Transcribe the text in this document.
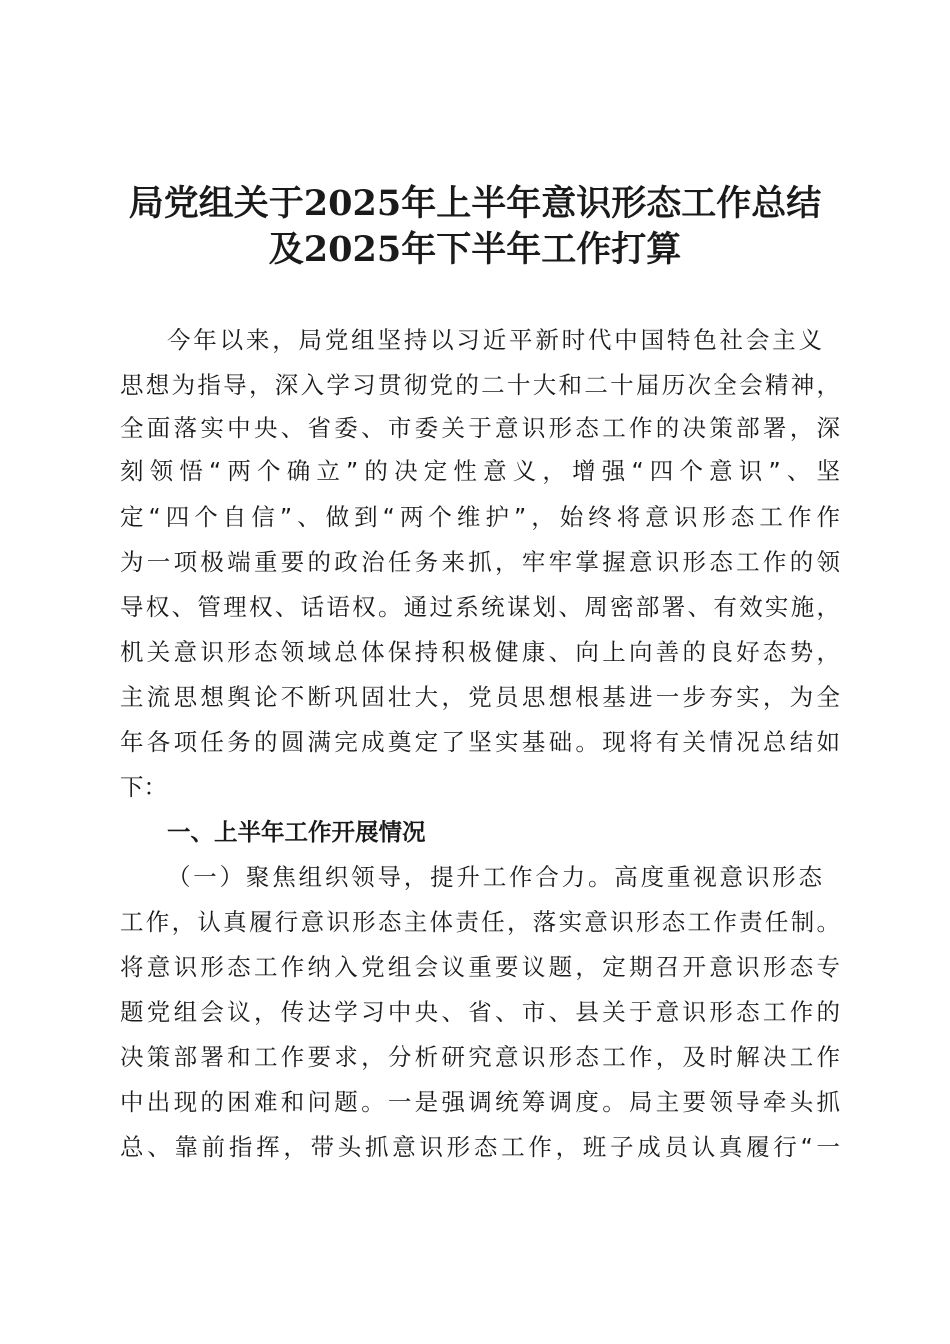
局党组关于2025年上半年意识形态工作总结
及2025年下半年工作打算
今年以来，局党组坚持以习近平新时代中国特色社会主义
思想为指导，深入学习贯彻党的二十大和二十届历次全会精神，
全面落实中央、省委、市委关于意识形态工作的决策部署，深
刻领悟“两个确立”的决定性意义，增强“四个意识”、坚
定“四个自信”、做到“两个维护”，始终将意识形态工作作
为一项极端重要的政治任务来抓，牢牢掌握意识形态工作的领
导权、管理权、话语权。通过系统谋划、周密部署、有效实施，
机关意识形态领域总体保持积极健康、向上向善的良好态势，
主流思想舆论不断巩固壮大，党员思想根基进一步夯实，为全
年各项任务的圆满完成奠定了坚实基础。现将有关情况总结如
下：
一、上半年工作开展情况
（一）聚焦组织领导，提升工作合力。高度重视意识形态
工作，认真履行意识形态主体责任，落实意识形态工作责任制。
将意识形态工作纳入党组会议重要议题，定期召开意识形态专
题党组会议，传达学习中央、省、市、县关于意识形态工作的
决策部署和工作要求，分析研究意识形态工作，及时解决工作
中出现的困难和问题。一是强调统筹调度。局主要领导牵头抓
总、靠前指挥，带头抓意识形态工作，班子成员认真履行“一
